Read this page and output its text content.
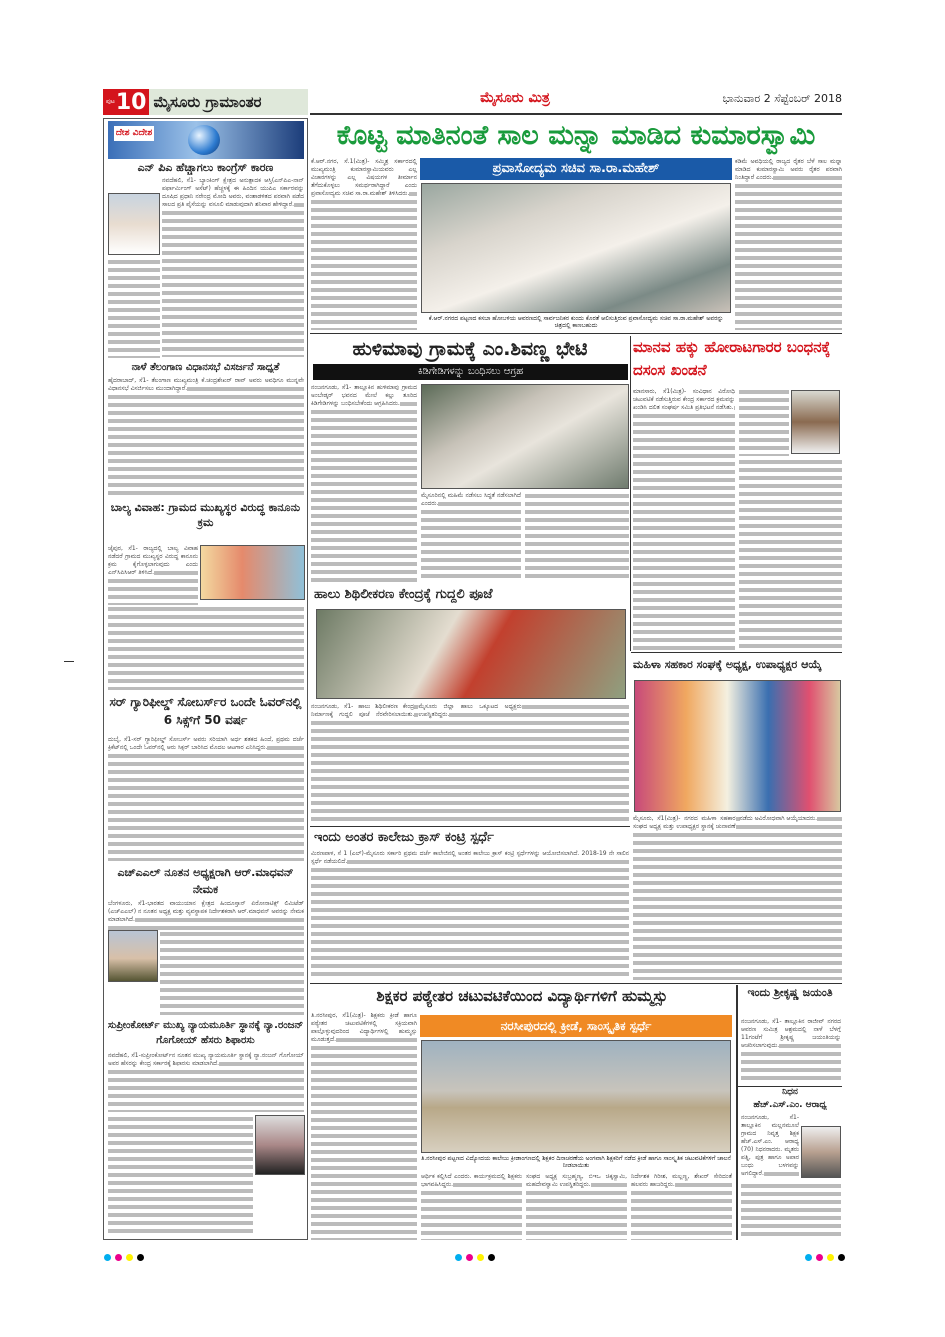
ಪುಟ 10 ಮೈಸೂರು ಗ್ರಾಮಾಂತರ	ಮೈಸೂರು ಮಿತ್ರ	ಭಾನುವಾರ 2 ಸೆಪ್ಟೆಂಬರ್ 2018
ದೇಶ ವಿದೇಶ
ಎನ್ ಪಿಎ ಹೆಚ್ಚಾಗಲು ಕಾಂಗ್ರೆಸ್ ಕಾರಣ
ನವದೆಹಲಿ, ಸೆ1- ಬ್ಯಾಂಕಿಂಗ್ ಕ್ಷೇತ್ರದ ಅನುತ್ಪಾದಕ ಆಸ್ತಿ(ಎನ್‌ಪಿಎ-ನಾನ್ ಪರ್ಫಾರ್ಮಿಂಗ್ ಅಸೆಟ್) ಹೆಚ್ಚಳಕ್ಕೆ ಈ ಹಿಂದಿನ ಯುಪಿಎ ಸರ್ಕಾರವನ್ನು ದೂಷಿದ ಪ್ರಧಾನಿ ನರೇಂದ್ರ ಮೋದಿ ಅವರು, ವಂಶಾಡಳಿತದ ಪರವಾಗಿ ಪಡೆದ ಸಾಲದ ಪ್ರತಿ ಪೈಸೆಯನ್ನು ವಸೂಲಿ ಮಾಡುವುದಾಗಿ ಶನಿವಾರ ಹೇಳಿದ್ದಾರೆ.
ನಾಳೆ ತೆಲಂಗಾಣ ವಿಧಾನಸಭೆ ವಿಸರ್ಜನೆ ಸಾಧ್ಯತೆ
ಹೈದರಾಬಾದ್, ಸೆ1- ತೆಲಂಗಾಣ ಮುಖ್ಯಮಂತ್ರಿ ಕೆ.ಚಂದ್ರಶೇಖರ್ ರಾವ್ ಅವರು ಅವಧಿಗೂ ಮುನ್ನವೇ ವಿಧಾನಸಭೆ ವಿಸರ್ಜಿಸಲು ಮುಂದಾಗಿದ್ದಾರೆ.
ಬಾಲ್ಯ ವಿವಾಹ: ಗ್ರಾಮದ ಮುಖ್ಯಸ್ಥರ ವಿರುದ್ಧ ಕಾನೂನು ಕ್ರಮ
ಜೈಪುರ, ಸೆ1- ರಾಜ್ಯದಲ್ಲಿ ಬಾಲ್ಯ ವಿವಾಹ ನಡೆದರೆ ಗ್ರಾಮದ ಮುಖ್ಯಸ್ಥರ ವಿರುದ್ಧ ಕಾನೂನು ಕ್ರಮ ಕೈಗೊಳ್ಳಲಾಗುವುದು ಎಂದು ಎನ್‌ಸಿಪಿಸಿಆರ್ ತಿಳಿಸಿದೆ.
ಸರ್ ಗ್ಯಾರಿಫೀಲ್ಡ್ ಸೋಬರ್ಸ್‌ರ ಒಂದೇ ಓವರ್‌ನಲ್ಲಿ 6 ಸಿಕ್ಸ್‌ಗೆ 50 ವರ್ಷ
ದುಬೈ, ಸೆ1-ಸರ್ ಗ್ಯಾರಿಫೀಲ್ಡ್ ಸೋಬರ್ಸ್ ಅವರು ಸರಿಯಾಗಿ ಅರ್ಧ ಶತಕದ ಹಿಂದೆ, ಪ್ರಥಮ ದರ್ಜೆ ಕ್ರಿಕೆಟ್‌ನಲ್ಲಿ ಒಂದೇ ಓವರ್‌ನಲ್ಲಿ ಆರು ಸಿಕ್ಸರ್ ಬಾರಿಸಿದ ಮೊದಲ ಆಟಗಾರ ಎನಿಸಿದ್ದರು.
ಎಚ್‌ಎಎಲ್ ನೂತನ ಅಧ್ಯಕ್ಷರಾಗಿ ಆರ್.ಮಾಧವನ್ ನೇಮಕ
ಬೆಂಗಳೂರು, ಸೆ1-ಭಾರತದ ವಾಯುಯಾನ ಕ್ಷೇತ್ರದ ಹಿಂದೂಸ್ತಾನ್ ಏರೋನಾಟಿಕ್ಸ್ ಲಿಮಿಟೆಡ್ (ಎಚ್‌ಎಎಲ್) ನ ನೂತನ ಅಧ್ಯಕ್ಷ ಮತ್ತು ವ್ಯವಸ್ಥಾಪಕ ನಿರ್ದೇಶಕರಾಗಿ ಆರ್.ಮಾಧವನ್ ಅವರನ್ನು ನೇಮಕ ಮಾಡಲಾಗಿದೆ.
ಸುಪ್ರೀಂಕೋರ್ಟ್ ಮುಖ್ಯ ನ್ಯಾಯಮೂರ್ತಿ ಸ್ಥಾನಕ್ಕೆ ನ್ಯಾ.ರಂಜನ್ ಗೊಗೋಯ್ ಹೆಸರು ಶಿಫಾರಸು
ನವದೆಹಲಿ, ಸೆ1-ಸುಪ್ರೀಂಕೋರ್ಟ್‌ನ ನೂತನ ಮುಖ್ಯ ನ್ಯಾಯಮೂರ್ತಿ ಸ್ಥಾನಕ್ಕೆ ನ್ಯಾ.ರಂಜನ್ ಗೊಗೋಯ್ ಅವರ ಹೆಸರನ್ನು ಕೇಂದ್ರ ಸರ್ಕಾರಕ್ಕೆ ಶಿಫಾರಸು ಮಾಡಲಾಗಿದೆ.
ಕೊಟ್ಟ ಮಾತಿನಂತೆ ಸಾಲ ಮನ್ನಾ ಮಾಡಿದ ಕುಮಾರಸ್ವಾಮಿ
ಕೆ.ಆರ್.ನಗರ, ಸೆ.1(ಮಿತ್ರ)- ಸಮ್ಮಿಶ್ರ ಸರ್ಕಾರದಲ್ಲಿ ಮುಖ್ಯಮಂತ್ರಿ ಕುಮಾರಸ್ವಾಮಿಯವರು ಎಲ್ಲ ವಿಚಾರಗಳನ್ನು ಎಲ್ಲ ವಿಷಯಗಳ ತೀರ್ಮಾನ ತೆಗೆದುಕೊಳ್ಳಲು ಸಮರ್ಥರಾಗಿದ್ದಾರೆ ಎಂದು ಪ್ರವಾಸೋದ್ಯಮ ಸಚಿವ ಸಾ.ರಾ.ಮಹೇಶ್ ತಿಳಿಸಿದರು.
ಪ್ರವಾಸೋದ್ಯಮ ಸಚಿವ ಸಾ.ರಾ.ಮಹೇಶ್
ಕೆ.ಆರ್.ನಗರದ ಪಟ್ಟಣದ ಕಸಬಾ ಹೋಬಳಿಯ ಆವರಣದಲ್ಲಿ ಸಾರ್ವಜನಿಕರ ಕುಂದು ಕೊರತೆ ಆಲಿಸುತ್ತಿರುವ ಪ್ರವಾಸೋದ್ಯಮ ಸಚಿವ ಸಾ.ರಾ.ಮಹೇಶ್ ಅವರನ್ನು ಚಿತ್ರದಲ್ಲಿ ಕಾಣಬಹುದು
ಕಡಿಮೆ ಅವಧಿಯಲ್ಲಿ ರಾಜ್ಯದ ರೈತರ ಬೆಳೆ ಸಾಲ ಮನ್ನಾ ಮಾಡಿದ ಕುಮಾರಸ್ವಾಮಿ ಅವರು ರೈತರ ಪರವಾಗಿ ನಿಂತಿದ್ದಾರೆ ಎಂದರು.
ಹುಳಿಮಾವು ಗ್ರಾಮಕ್ಕೆ ಎಂ.ಶಿವಣ್ಣ ಭೇಟಿ
ಕಿಡಿಗೇಡಿಗಳನ್ನು ಬಂಧಿಸಲು ಆಗ್ರಹ
ನಂಜನಗೂಡು, ಸೆ1- ತಾಲ್ಲೂಕಿನ ಹುಳಿಮಾವು ಗ್ರಾಮದ ಅಂಬೇಡ್ಕರ್ ಭವನದ ಮೇಲೆ ಕಲ್ಲು ತೂರಿದ ಕಿಡಿಗೇಡಿಗಳನ್ನು ಬಂಧಿಸಬೇಕೆಂದು ಆಗ್ರಹಿಸಿದರು.
ಮೈಸೂರಿನಲ್ಲಿ ಮಹಿಮೆ ನಡೆಸಲು ಸಿದ್ಧತೆ ನಡೆಸಲಾಗಿದೆ ಎಂದರು.
ಮಾನವ ಹಕ್ಕು ಹೋರಾಟಗಾರರ ಬಂಧನಕ್ಕೆ ದಸಂಸ ಖಂಡನೆ
ಮಾನಸಾರು, ಸೆ1(ಮಿತ್ರ)- ಸಂವಿಧಾನ ವಿರೋಧಿ ಚಟುವಟಿಕೆ ನಡೆಸುತ್ತಿರುವ ಕೇಂದ್ರ ಸರ್ಕಾರದ ಕ್ರಮವನ್ನು ಖಂಡಿಸಿ ದಲಿತ ಸಂಘರ್ಷ ಸಮಿತಿ ಪ್ರತಿಭಟನೆ ನಡೆಸಿತು.
ಹಾಲು ಶಿಥಿಲೀಕರಣ ಕೇಂದ್ರಕ್ಕೆ ಗುದ್ದಲಿ ಪೂಜೆ
ನಂಜನಗೂಡು, ಸೆ1- ಹಾಲು ಶಿಥಿಲೀಕರಣ ಕೇಂದ್ರ ನಿರ್ಮಾಣಕ್ಕೆ ಗುದ್ದಲಿ ಪೂಜೆ ನೆರವೇರಿಸಲಾಯಿತು. ಮೈಸೂರು ಜಿಲ್ಲಾ ಹಾಲು ಒಕ್ಕೂಟದ ಅಧ್ಯಕ್ಷರು ಉಪಸ್ಥಿತರಿದ್ದರು.
ಮಹಿಳಾ ಸಹಕಾರ ಸಂಘಕ್ಕೆ ಅಧ್ಯಕ್ಷ, ಉಪಾಧ್ಯಕ್ಷರ ಆಯ್ಕೆ
ಮೈಸೂರು, ಸೆ1(ಮಿತ್ರ)- ನಗರದ ಮಹಿಳಾ ಸಹಕಾರ ಸಂಘದ ಅಧ್ಯಕ್ಷ ಮತ್ತು ಉಪಾಧ್ಯಕ್ಷರ ಸ್ಥಾನಕ್ಕೆ ಚುನಾವಣೆ ನಡೆದು ಅವಿರೋಧವಾಗಿ ಆಯ್ಕೆಯಾದರು.
ಇಂದು ಅಂತರ ಕಾಲೇಜು ಕ್ರಾಸ್ ಕಂಟ್ರಿ ಸ್ಪರ್ಧೆ
ಮಿರಣಪಾಳ, ಸೆ 1 (ಎಲ್)-ಮೈಸೂರು ಸರ್ಕಾರಿ ಪ್ರಥಮ ದರ್ಜೆ ಕಾಲೇಜಿನಲ್ಲಿ ಅಂತರ ಕಾಲೇಜು ಕ್ರಾಸ್ ಕಂಟ್ರಿ ಸ್ಪರ್ಧೆಗಳನ್ನು ಆಯೋಜಿಸಲಾಗಿದೆ. 2018-19 ನೇ ಸಾಲಿನ ಸ್ಪರ್ಧೆ ನಡೆಯಲಿದೆ.
ಶಿಕ್ಷಕರ ಪಠ್ಯೇತರ ಚಟುವಟಿಕೆಯಿಂದ ವಿದ್ಯಾರ್ಥಿಗಳಿಗೆ ಹುಮ್ಮಸ್ಸು
ತಿ.ನರಸೀಪುರ, ಸೆ1(ಮಿತ್ರ)- ಶಿಕ್ಷಕರು ಕ್ರೀಡೆ ಹಾಗೂ ಪಠ್ಯೇತರ ಚಟುವಟಿಕೆಗಳಲ್ಲಿ ಸಕ್ರಿಯವಾಗಿ ಪಾಲ್ಗೊಳ್ಳುವುದರಿಂದ ವಿದ್ಯಾರ್ಥಿಗಳಲ್ಲಿ ಹುಮ್ಮಸ್ಸು ಮೂಡುತ್ತದೆ.
ನರಸೀಪುರದಲ್ಲಿ ಕ್ರೀಡೆ, ಸಾಂಸ್ಕೃತಿಕ ಸ್ಪರ್ಧೆ
ತಿ.ನರಸೀಪುರ ಪಟ್ಟಣದ ವಿದ್ಯೋದಯ ಕಾಲೇಜು ಕ್ರೀಡಾಂಗಣದಲ್ಲಿ ಶಿಕ್ಷಕರ ದಿನಾಚರಣೆಯ ಅಂಗವಾಗಿ ಶಿಕ್ಷಕರಿಗೆ ನಡೆದ ಕ್ರೀಡೆ ಹಾಗೂ ಸಾಂಸ್ಕೃತಿಕ ಚಟುವಟಿಕೆಗಳಿಗೆ ಚಾಲನೆ ನೀಡಲಾಯಿತು
ಆರ್ಥಿಕ ಕಲ್ಲಿಸಿದೆ ಎಂದರು. ಕಾರ್ಯಕ್ರಮದಲ್ಲಿ ಶಿಕ್ಷಕರು ಭಾಗವಹಿಸಿದ್ದರು.
ಸಂಘದ ಅಧ್ಯಕ್ಷ ಸುಬ್ರಹ್ಮಣ್ಯ, ಬಿಇಒ ಚಿಕ್ಕಸ್ವಾಮಿ, ಮಹದೇವಸ್ವಾಮಿ ಉಪಸ್ಥಿತರಿದ್ದರು.
ನಿರ್ದೇಶಕ ಗಿರೀಶ, ಮಲ್ಲಣ್ಣ, ಶೇಖರ್ ಸೇರಿದಂತೆ ಹಲವರು ಹಾಜರಿದ್ದರು.
ಇಂದು ಶ್ರೀಕೃಷ್ಣ ಜಯಂತಿ
ನಂಜನಗೂಡು, ಸೆ1- ತಾಲ್ಲೂಕಿನ ರಾಜೀವ್ ನಗರದ ಆವರಣ ಸುಮಿತ್ರ ಆಶ್ರಮದಲ್ಲಿ ನಾಳೆ ಬೆಳಗ್ಗೆ 11ಗಂಟೆಗೆ ಶ್ರೀಕೃಷ್ಣ ಜಯಂತಿಯನ್ನು ಆಚರಿಸಲಾಗುವುದು.
ನಿಧನ
ಹೆಚ್.ಎಸ್.ಎಂ. ಆರಾಧ್ಯ
ನಂಜನಗೂಡು, ಸೆ1- ತಾಲ್ಲೂಕಿನ ಮಲ್ಲನಮೂಲೆ ಗ್ರಾಮದ ನಿವೃತ್ತ ಶಿಕ್ಷಕ ಹೆಚ್.ಎಸ್.ಎಂ. ಆರಾಧ್ಯ (70) ನಿಧನರಾದರು. ಮೃತರು ಪತ್ನಿ, ಪುತ್ರ ಹಾಗೂ ಅಪಾರ ಬಂಧು ಬಳಗವನ್ನು ಅಗಲಿದ್ದಾರೆ.
